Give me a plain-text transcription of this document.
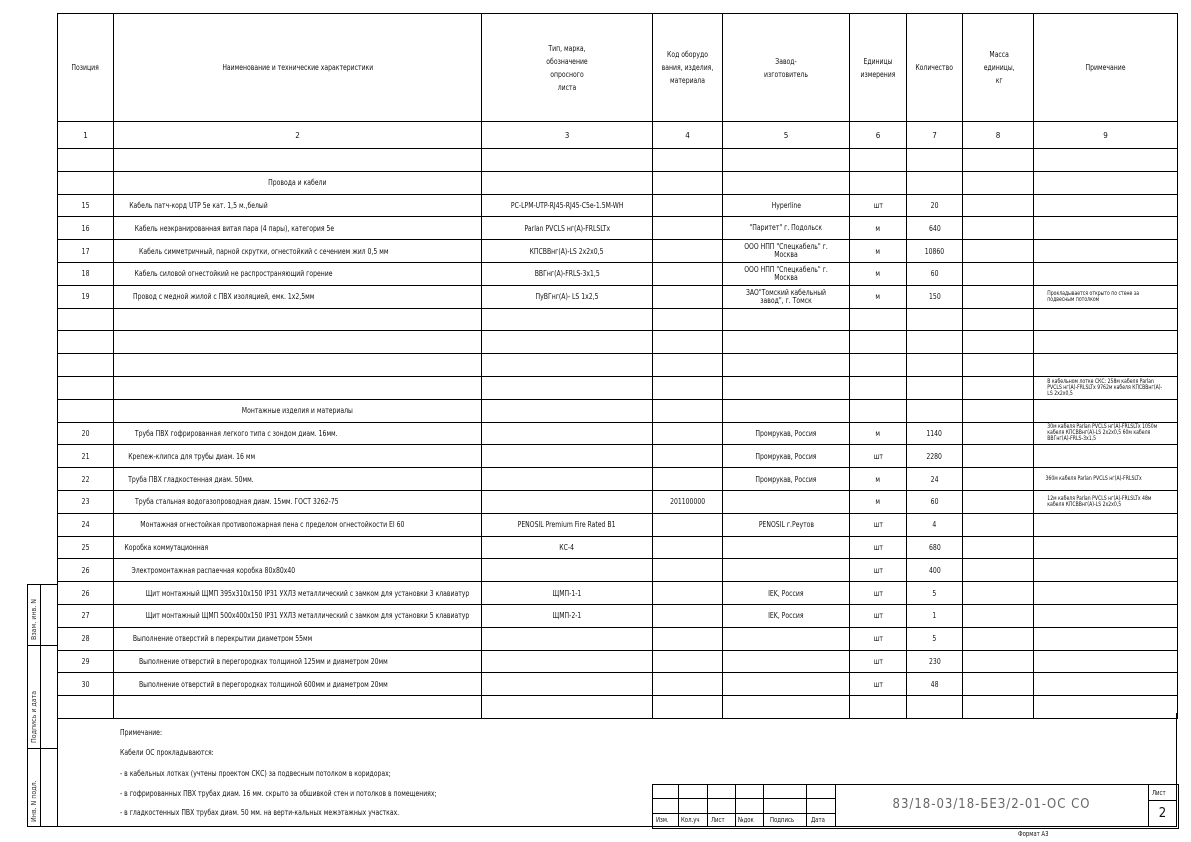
Позиция	Наименование и технические характеристики	Тип, марка, обозначение опросного листа	Код оборудо вания, изделия, материала	Завод- изготовитель	Единицы измерения	Количество	Масса единицы, кг	Примечание
1	2	3	4	5	6	7	8	9

	Провода и кабели							
15	Кабель патч-корд UTP 5e кат. 1,5 м.,белый	PC-LPM-UTP-RJ45-RJ45-C5e-1.5M-WH		Hyperline	шт	20		
16	Кабель неэкранированная витая пара (4 пары), категория 5е	Parlan PVCLS нг(A)-FRLSLTx		"Паритет" г. Подольск	м	640		
17	Кабель симметричный, парной скрутки, огнестойкий с сечением жил 0,5 мм	КПСВВнг(А)-LS 2х2х0,5		ООО НПП "Спецкабель" г. Москва	м	10860		
18	Кабель силовой огнестойкий не распространяющий горение	ВВГнг(А)-FRLS-3х1,5		ООО НПП "Спецкабель" г. Москва	м	60		
19	Провод с медной жилой с ПВХ изоляцией, емк. 1х2,5мм	ПуВГнг(А)- LS 1х2,5		ЗАО"Томский кабельный завод", г. Томск	м	150		Прокладывается открыто по стене за подвесным потолком

								В кабельном лотке СКС: 258м кабеля Parlan PVCLS нг(A)-FRLSLTx 9762м кабеля КПСВВнг(А)-LS 2х2х0,5
	Монтажные изделия и материалы							
20	Труба ПВХ гофрированная легкого типа с зондом диам. 16мм.			Промрукав, Россия	м	1140		30м кабеля Parlan PVCLS нг(A)-FRLSLTx 1050м кабеля КПСВВнг(А)-LS 2х2х0,5 60м кабеля ВВГнг(А)-FRLS-3х1,5
21	Крепеж-клипса для трубы диам. 16 мм			Промрукав, Россия	шт	2280		
22	Труба ПВХ гладкостенная диам. 50мм.			Промрукав, Россия	м	24		360м кабеля Parlan PVCLS нг(A)-FRLSLTx
23	Труба стальная водогазопроводная диам. 15мм. ГОСТ 3262-75		201100000		м	60		12м кабеля Parlan PVCLS нг(A)-FRLSLTx 48м кабеля КПСВВнг(А)-LS 2х2х0,5
24	Монтажная огнестойкая противопожарная пена с пределом огнестойкости EI 60	PENOSIL Premium Fire Rated B1		PENOSIL г.Реутов	шт	4		
25	Коробка коммутационная	КС-4			шт	680		
26	Электромонтажная распаечная коробка 80х80х40				шт	400		
26	Щит монтажный ЩМП 395х310х150 IP31 УХЛ3 металлический с замком для установки 3 клавиатур	ЩМП-1-1		IEK, Россия	шт	5		
27	Щит монтажный ЩМП 500х400х150 IP31 УХЛ3 металлический с замком для установки 5 клавиатур	ЩМП-2-1		IEK, Россия	шт	1		
28	Выполнение отверстий в перекрытии диаметром 55мм				шт	5		
29	Выполнение отверстий в перегородках толщиной 125мм и диаметром 20мм				шт	230		
30	Выполнение отверстий в перегородках толщиной 600мм и диаметром 20мм				шт	48		

Примечание:
Кабели ОС прокладываются:
- в кабельных лотках (учтены проектом СКС) за подвесным потолком в коридорах;
- в гофрированных ПВХ трубах диам. 16 мм. скрыто за обшивкой стен и потолков в помещениях;
- в гладкостенных ПВХ трубах диам. 50 мм. на верти-кальных межэтажных участках.
Изм. Кол.уч Лист №док Подпись Дата
83/18-03/18-БЕЗ/2-01-ОС СО
Лист
2
Формат А3
Взам. инв. N
Подпись и дата
Инв. N подл.
